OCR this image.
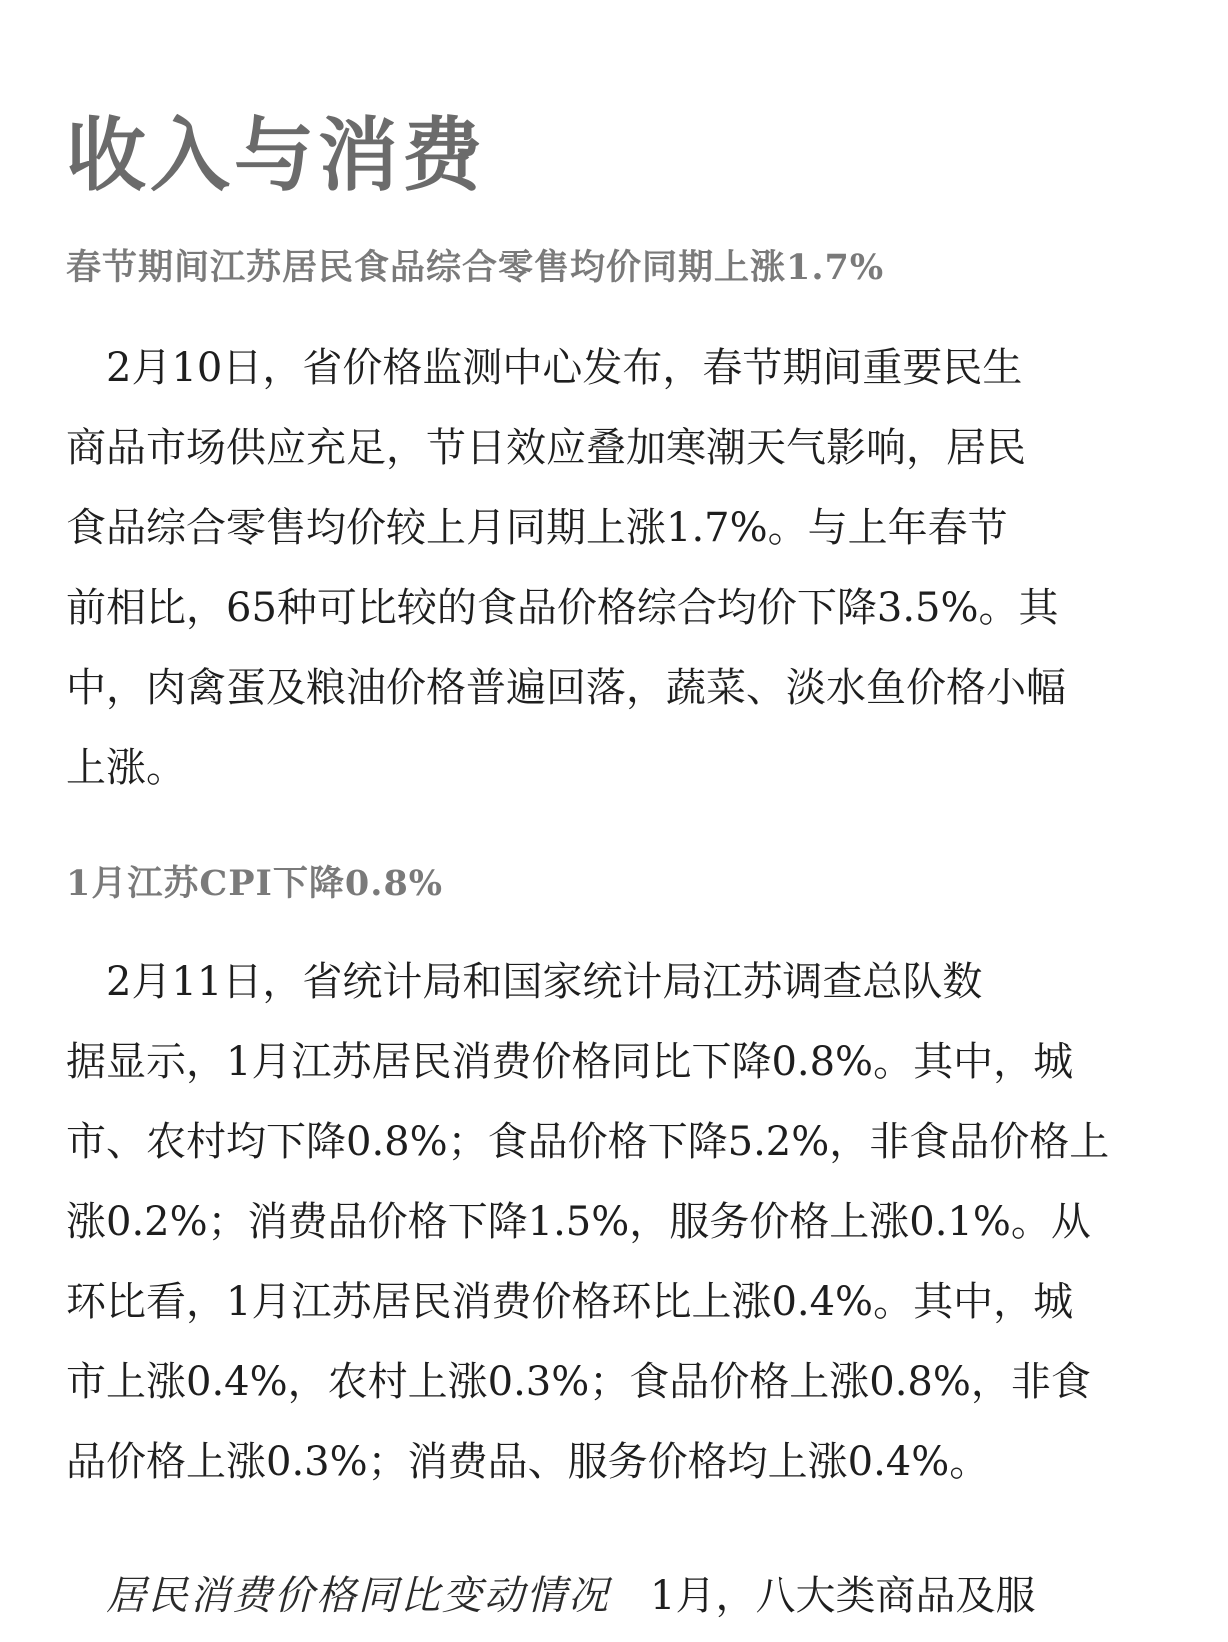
收入与消费
春节期间江苏居民食品综合零售均价同期上涨1.7%
　2月10日，省价格监测中心发布，春节期间重要民生
商品市场供应充足，节日效应叠加寒潮天气影响，居民
食品综合零售均价较上月同期上涨1.7%。与上年春节
前相比，65种可比较的食品价格综合均价下降3.5%。其
中，肉禽蛋及粮油价格普遍回落，蔬菜、淡水鱼价格小幅
上涨。
1月江苏CPI下降0.8%
　2月11日，省统计局和国家统计局江苏调查总队数
据显示，1月江苏居民消费价格同比下降0.8%。其中，城
市、农村均下降0.8%；食品价格下降5.2%，非食品价格上
涨0.2%；消费品价格下降1.5%，服务价格上涨0.1%。从
环比看，1月江苏居民消费价格环比上涨0.4%。其中，城
市上涨0.4%，农村上涨0.3%；食品价格上涨0.8%，非食
品价格上涨0.3%；消费品、服务价格均上涨0.4%。

　居民消费价格同比变动情况　 1月，八大类商品及服
